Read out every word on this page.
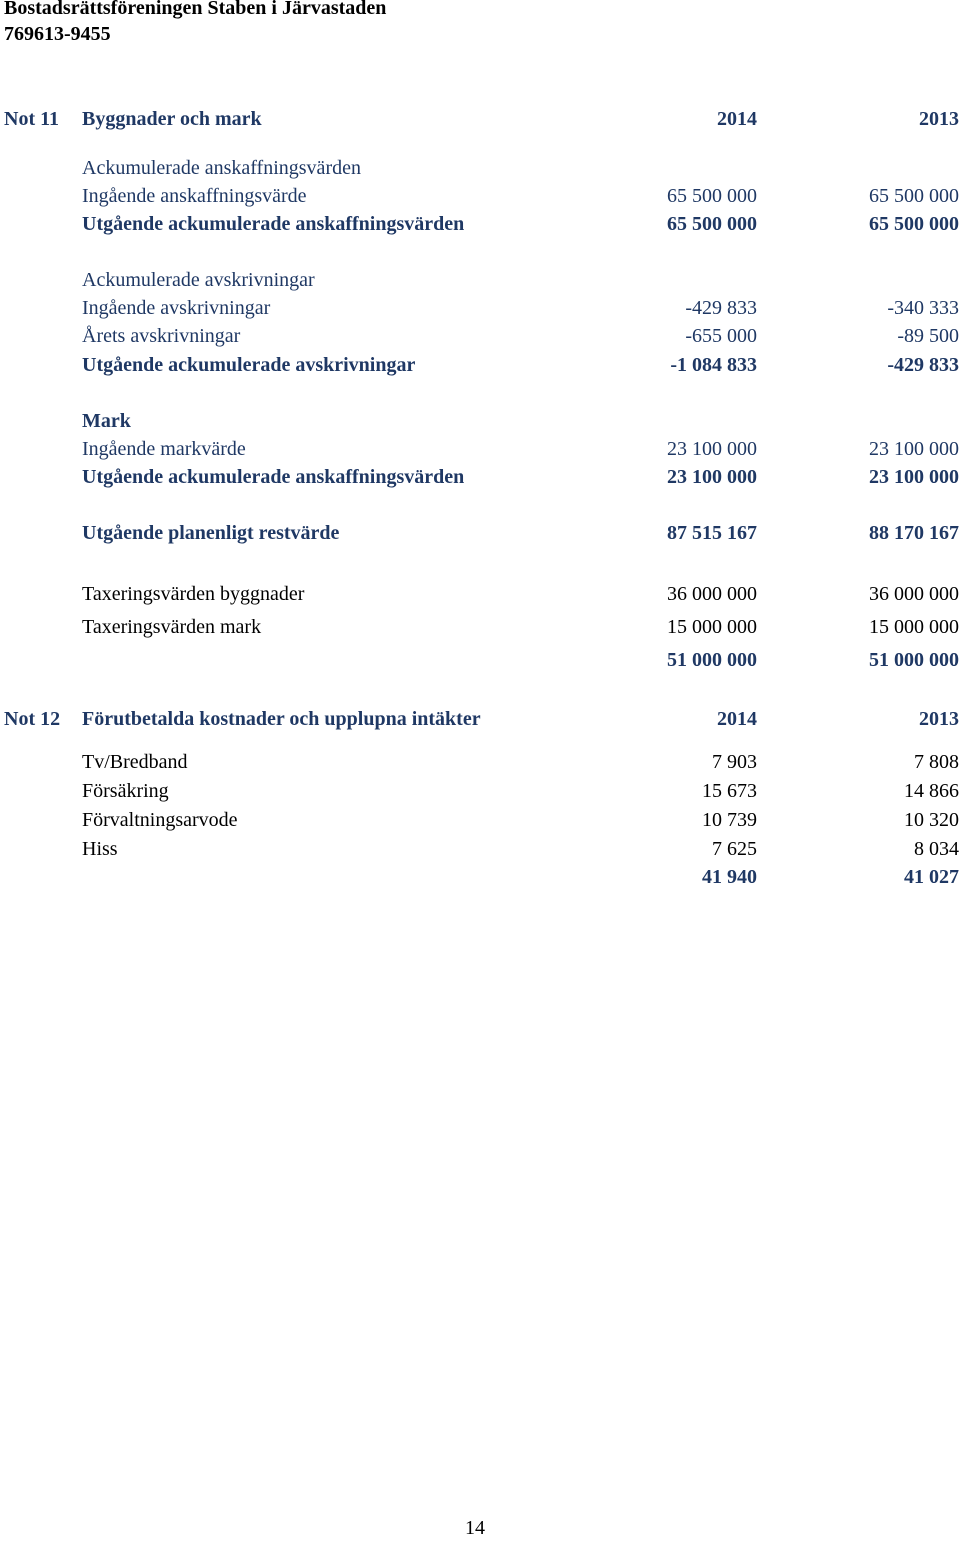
Bostadsrättsföreningen Staben i Järvastaden
769613-9455
Not 11 Byggnader och mark	2014	2013
Ackumulerade anskaffningsvärden
Ingående anskaffningsvärde	65 500 000	65 500 000
Utgående ackumulerade anskaffningsvärden	65 500 000	65 500 000
Ackumulerade avskrivningar
Ingående avskrivningar	-429 833	-340 333
Årets avskrivningar	-655 000	-89 500
Utgående ackumulerade avskrivningar	-1 084 833	-429 833
Mark
Ingående markvärde	23 100 000	23 100 000
Utgående ackumulerade anskaffningsvärden	23 100 000	23 100 000
Utgående planenligt restvärde	87 515 167	88 170 167
Taxeringsvärden byggnader	36 000 000	36 000 000
Taxeringsvärden mark	15 000 000	15 000 000
51 000 000	51 000 000
Not 12 Förutbetalda kostnader och upplupna intäkter	2014	2013
Tv/Bredband	7 903	7 808
Försäkring	15 673	14 866
Förvaltningsarvode	10 739	10 320
Hiss	7 625	8 034
41 940	41 027
14
